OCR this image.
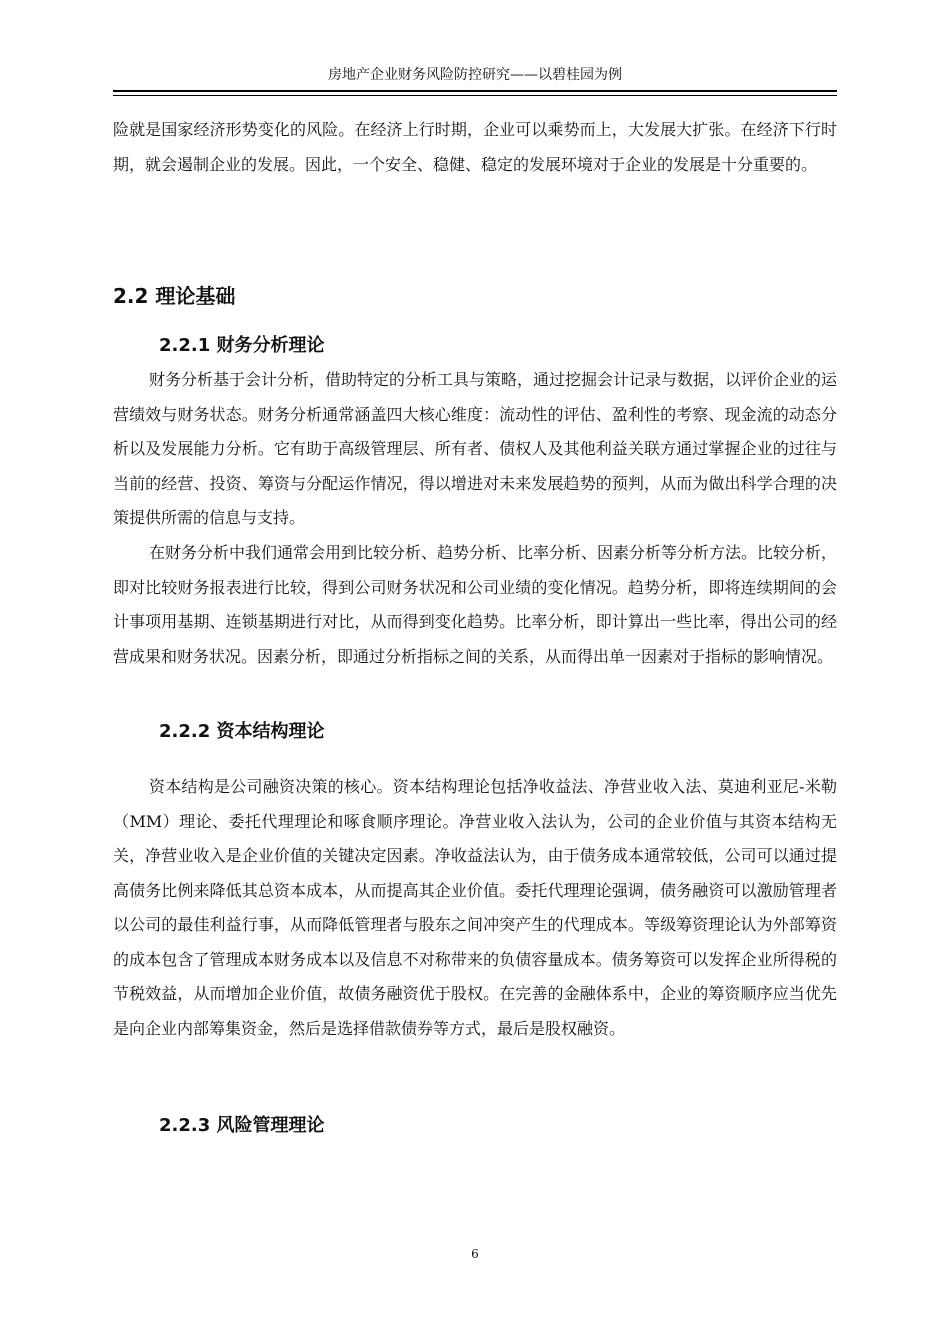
房地产企业财务风险防控研究——以碧桂园为例

险就是国家经济形势变化的风险。在经济上行时期，企业可以乘势而上，大发展大扩张。在经济下行时期，就会遏制企业的发展。因此，一个安全、稳健、稳定的发展环境对于企业的发展是十分重要的。

2.2 理论基础
2.2.1 财务分析理论

财务分析基于会计分析，借助特定的分析工具与策略，通过挖掘会计记录与数据，以评价企业的运营绩效与财务状态。财务分析通常涵盖四大核心维度：流动性的评估、盈利性的考察、现金流的动态分析以及发展能力分析。它有助于高级管理层、所有者、债权人及其他利益关联方通过掌握企业的过往与当前的经营、投资、筹资与分配运作情况，得以增进对未来发展趋势的预判，从而为做出科学合理的决策提供所需的信息与支持。

在财务分析中我们通常会用到比较分析、趋势分析、比率分析、因素分析等分析方法。比较分析，即对比较财务报表进行比较，得到公司财务状况和公司业绩的变化情况。趋势分析，即将连续期间的会计事项用基期、连锁基期进行对比，从而得到变化趋势。比率分析，即计算出一些比率，得出公司的经营成果和财务状况。因素分析，即通过分析指标之间的关系，从而得出单一因素对于指标的影响情况。

2.2.2 资本结构理论

资本结构是公司融资决策的核心。资本结构理论包括净收益法、净营业收入法、莫迪利亚尼-米勒（MM）理论、委托代理理论和啄食顺序理论。净营业收入法认为，公司的企业价值与其资本结构无关，净营业收入是企业价值的关键决定因素。净收益法认为，由于债务成本通常较低，公司可以通过提高债务比例来降低其总资本成本，从而提高其企业价值。委托代理理论强调，债务融资可以激励管理者以公司的最佳利益行事，从而降低管理者与股东之间冲突产生的代理成本。等级筹资理论认为外部筹资的成本包含了管理成本财务成本以及信息不对称带来的负债容量成本。债务筹资可以发挥企业所得税的节税效益，从而增加企业价值，故债务融资优于股权。在完善的金融体系中，企业的筹资顺序应当优先是向企业内部筹集资金，然后是选择借款债券等方式，最后是股权融资。

2.2.3 风险管理理论
6
